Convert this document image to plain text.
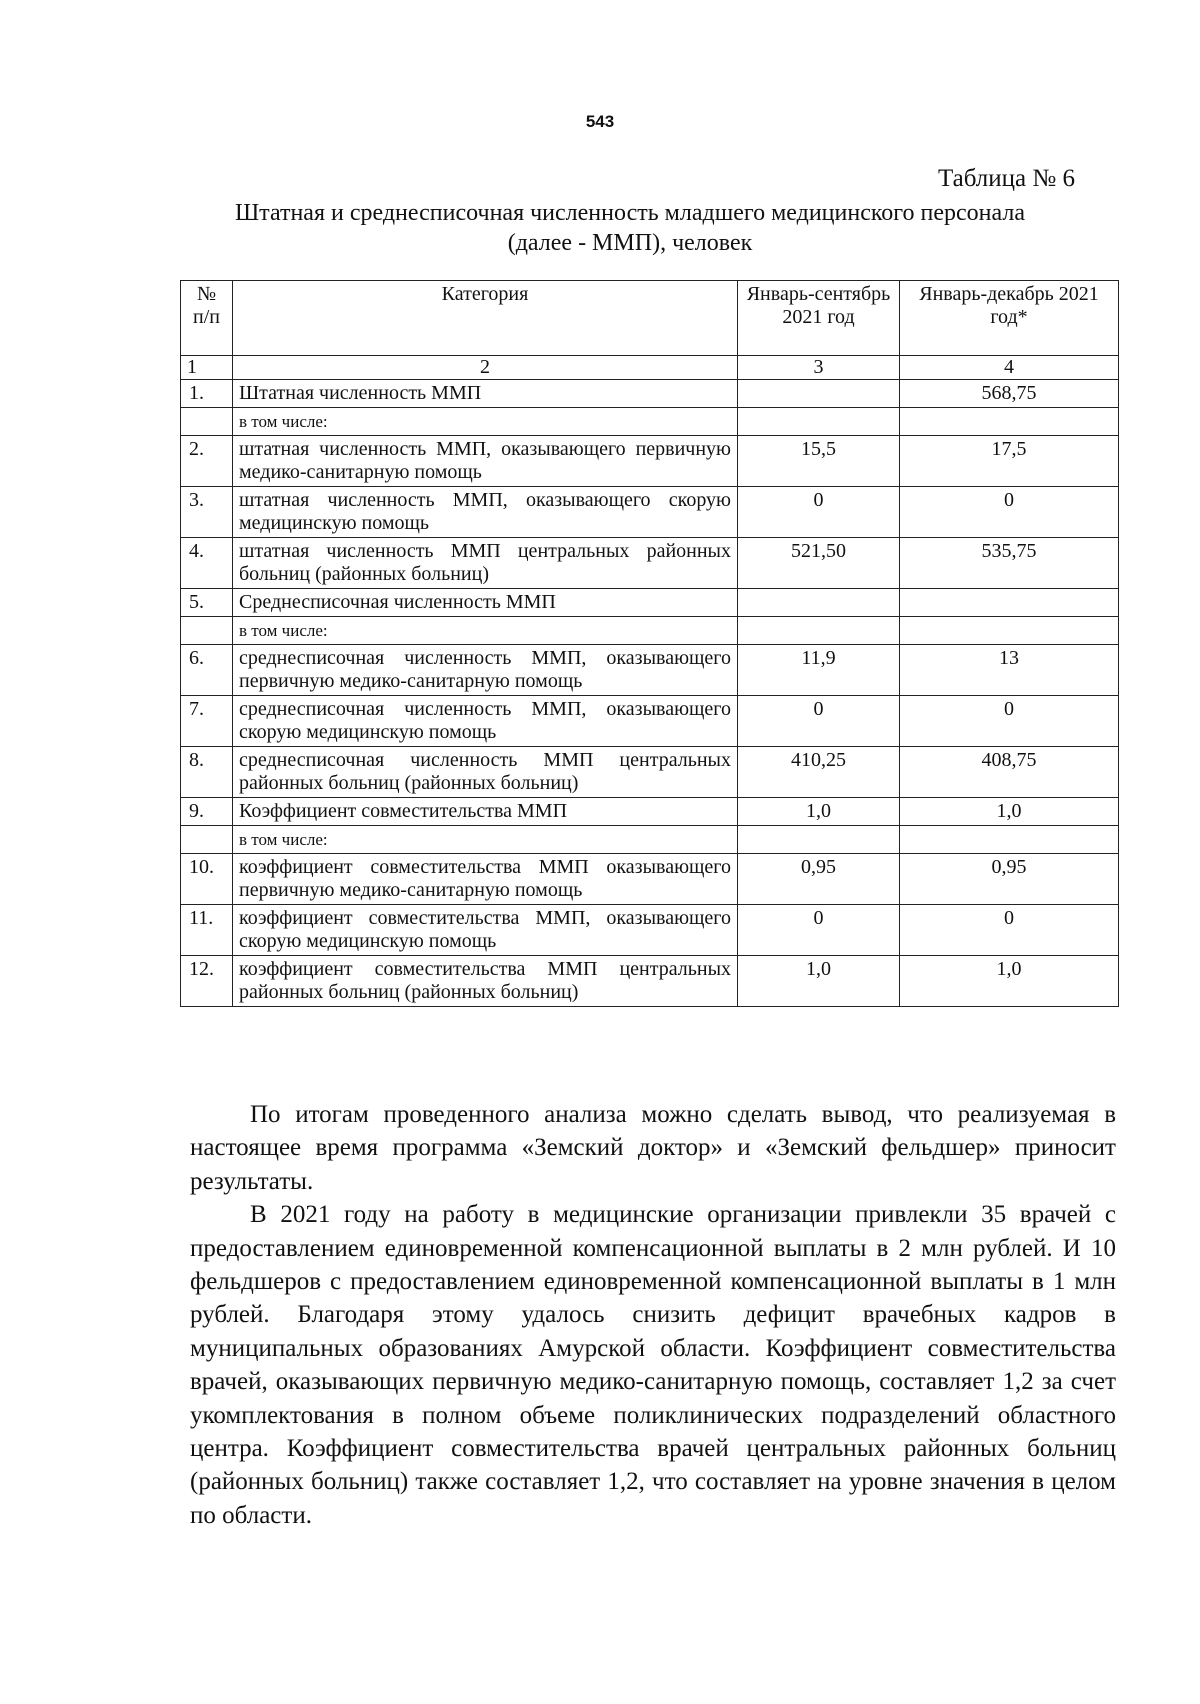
543
Таблица № 6
Штатная и среднесписочная численность младшего медицинского персонала
(далее - ММП), человек
№ п/п	Категория	Январь-сентябрь 2021 год	Январь-декабрь 2021 год*
1	2	3	4
1.	Штатная численность ММП		568,75
	в том числе:		
2.	штатная численность ММП, оказывающего первичную медико-санитарную помощь	15,5	17,5
3.	штатная численность ММП, оказывающего скорую медицинскую помощь	0	0
4.	штатная численность ММП центральных районных больниц (районных больниц)	521,50	535,75
5.	Среднесписочная численность ММП		
	в том числе:		
6.	среднесписочная численность ММП, оказывающего первичную медико-санитарную помощь	11,9	13
7.	среднесписочная численность ММП, оказывающего скорую медицинскую помощь	0	0
8.	среднесписочная численность ММП центральных районных больниц (районных больниц)	410,25	408,75
9.	Коэффициент совместительства ММП	1,0	1,0
	в том числе:		
10.	коэффициент совместительства ММП оказывающего первичную медико-санитарную помощь	0,95	0,95
11.	коэффициент совместительства ММП, оказывающего скорую медицинскую помощь	0	0
12.	коэффициент совместительства ММП центральных районных больниц (районных больниц)	1,0	1,0

По итогам проведенного анализа можно сделать вывод, что реализуемая в настоящее время программа «Земский доктор» и «Земский фельдшер» приносит результаты.

В 2021 году на работу в медицинские организации привлекли 35 врачей с предоставлением единовременной компенсационной выплаты в 2 млн рублей. И 10 фельдшеров с предоставлением единовременной компенсационной выплаты в 1 млн рублей. Благодаря этому удалось снизить дефицит врачебных кадров в муниципальных образованиях Амурской области. Коэффициент совместительства врачей, оказывающих первичную медико-санитарную помощь, составляет 1,2 за счет укомплектования в полном объеме поликлинических подразделений областного центра. Коэффициент совместительства врачей центральных районных больниц (районных больниц) также составляет 1,2, что составляет на уровне значения в целом по области.
